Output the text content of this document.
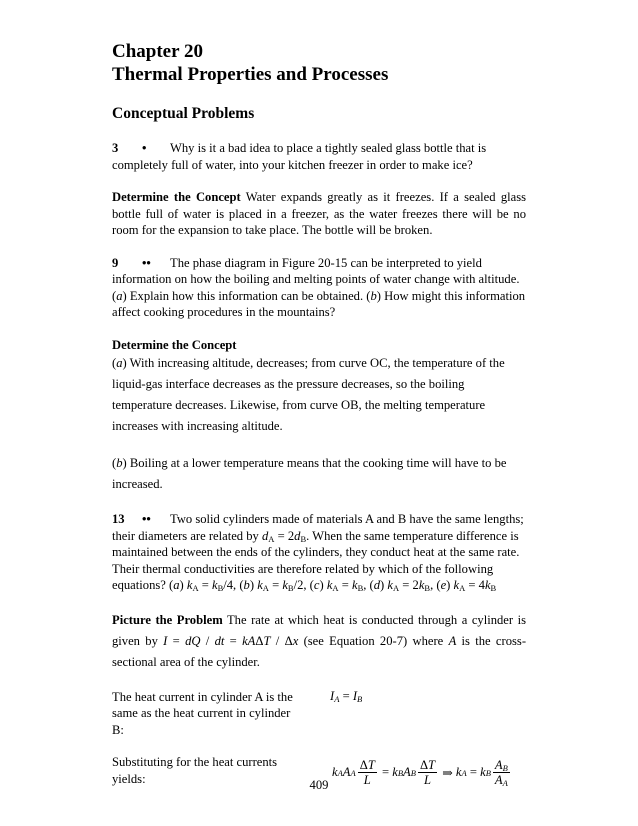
Chapter 20
Thermal Properties and Processes
Conceptual Problems

3 • Why is it a bad idea to place a tightly sealed glass bottle that is
completely full of water, into your kitchen freezer in order to make ice?

Determine the Concept Water expands greatly as it freezes. If a sealed glass bottle full of water is placed in a freezer, as the water freezes there will be no room for the expansion to take place. The bottle will be broken.

9 •• The phase diagram in Figure 20-15 can be interpreted to yield
information on how the boiling and melting points of water change with altitude.
(a) Explain how this information can be obtained. (b) How might this information
affect cooking procedures in the mountains?

Determine the Concept

(a) With increasing altitude, decreases; from curve OC, the temperature of the liquid-gas interface decreases as the pressure decreases, so the boiling temperature decreases. Likewise, from curve OB, the melting temperature increases with increasing altitude.

(b) Boiling at a lower temperature means that the cooking time will have to be increased.

13 •• Two solid cylinders made of materials A and B have the same lengths;
their diameters are related by $d_A = 2d_B$. When the same temperature difference is
maintained between the ends of the cylinders, they conduct heat at the same rate.
Their thermal conductivities are therefore related by which of the following
equations? (a) $k_A = k_B/4$, (b) $k_A = k_B/2$, (c) $k_A = k_B$, (d) $k_A = 2k_B$, (e) $k_A = 4k_B$

Picture the Problem The rate at which heat is conducted through a cylinder is given by I = dQ / dt = kAΔT / Δx (see Equation 20-7) where A is the cross-sectional area of the cylinder.

The heat current in cylinder A is the same as the heat current in cylinder B:
$I_A = I_B$
Substituting for the heat currents yields:	k A A A $\frac{\Delta T}{L} = k$ B A B $\frac{\Delta T}{L}$ ⇒ k A = k B $\frac{A_B}{A_A}$
409
